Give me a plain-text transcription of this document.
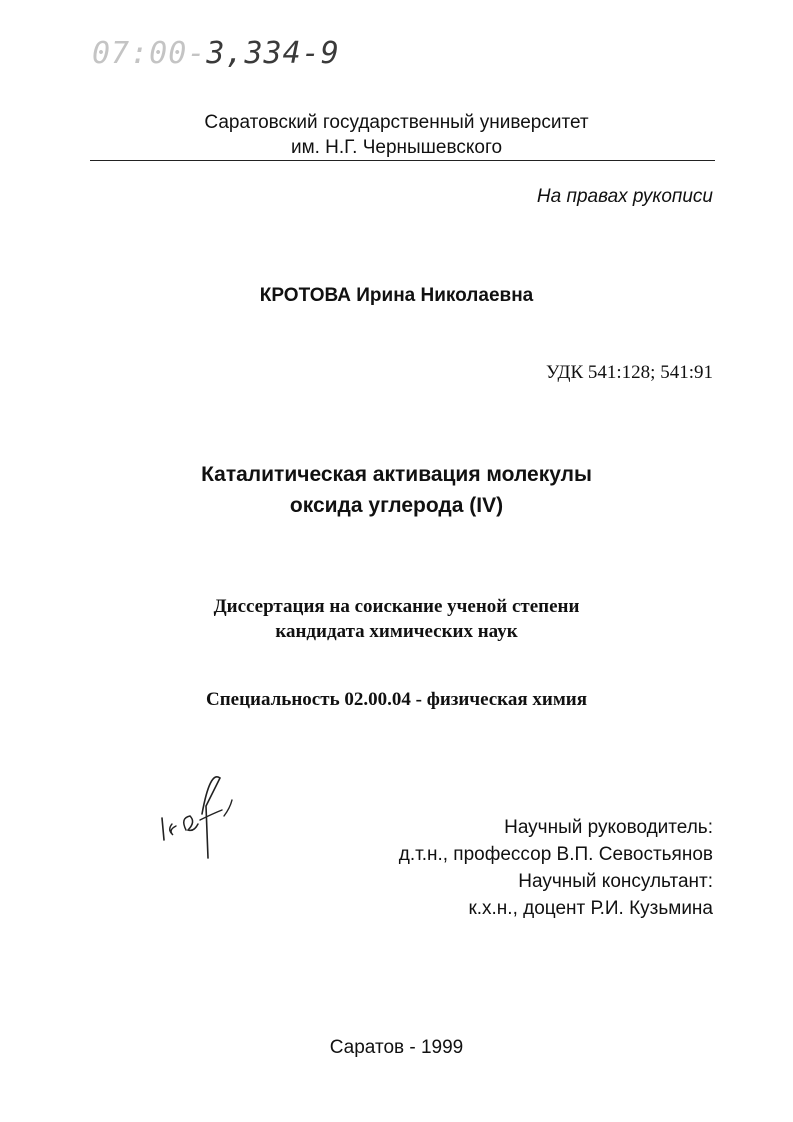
07:00-3,334-9
Саратовский государственный университет
им. Н.Г. Чернышевского
На правах рукописи
КРОТОВА Ирина Николаевна
УДК 541:128; 541:91
Каталитическая активация молекулы
оксида углерода (IV)
Диссертация на соискание ученой степени
кандидата химических наук
Специальность 02.00.04 - физическая химия
Научный руководитель:
д.т.н., профессор В.П. Севостьянов
Научный консультант:
к.х.н., доцент Р.И. Кузьмина
Саратов - 1999
